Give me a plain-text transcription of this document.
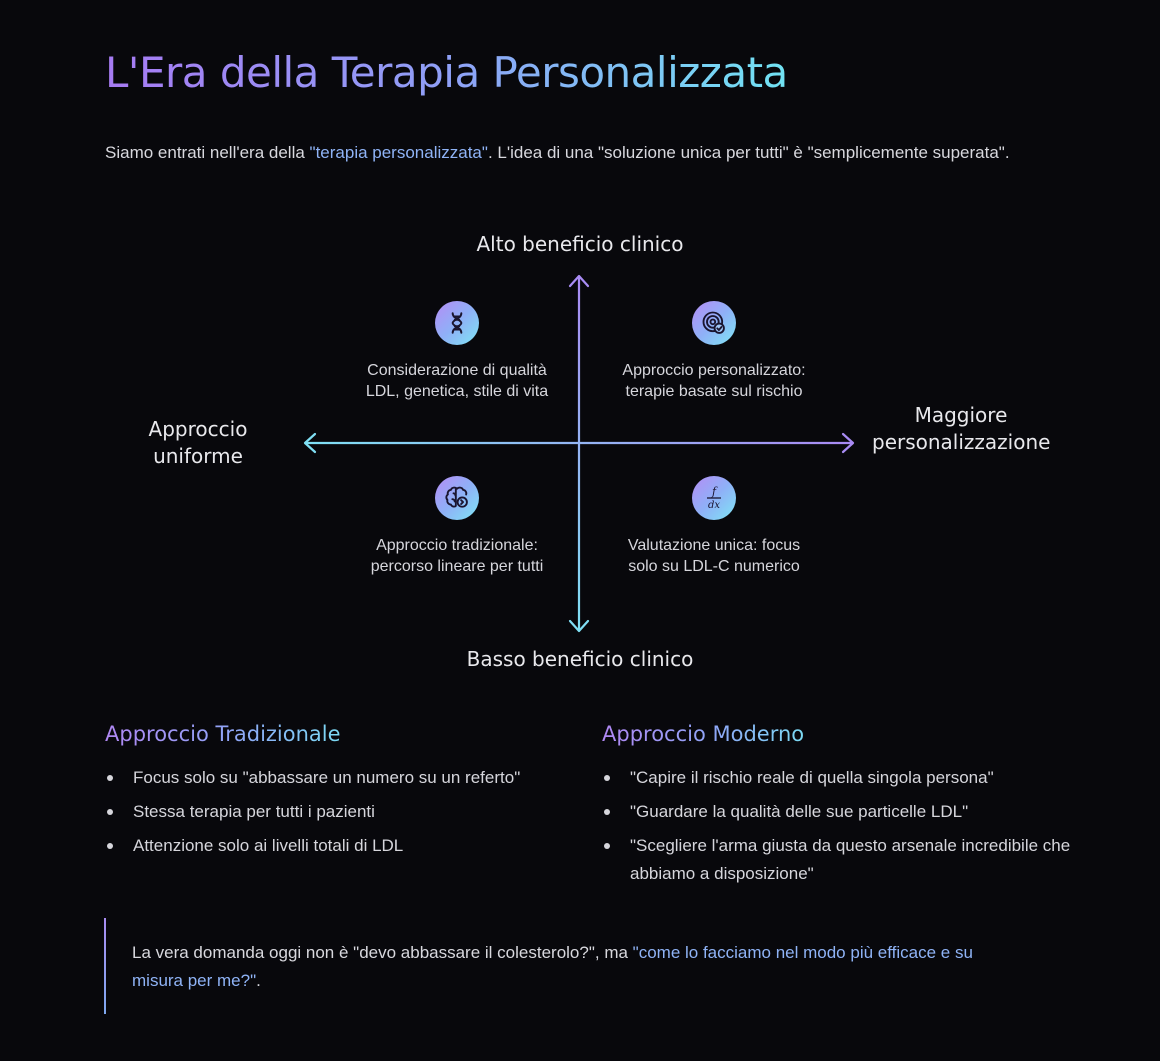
L'Era della Terapia Personalizzata

Siamo entrati nell'era della "terapia personalizzata". L'idea di una "soluzione unica per tutti" è "semplicemente superata".

Alto beneficio clinico
Basso beneficio clinico
Approccio uniforme
Maggiore personalizzazione
Considerazione di qualità LDL, genetica, stile di vita
Approccio personalizzato: terapie basate sul rischio
Approccio tradizionale: percorso lineare per tutti
f
dx
Valutazione unica: focus solo su LDL-C numerico
Approccio Tradizionale
Focus solo su "abbassare un numero su un referto"
Stessa terapia per tutti i pazienti
Attenzione solo ai livelli totali di LDL
Approccio Moderno
"Capire il rischio reale di quella singola persona"
"Guardare la qualità delle sue particelle LDL"
"Scegliere l'arma giusta da questo arsenale incredibile che abbiamo a disposizione"

La vera domanda oggi non è "devo abbassare il colesterolo?", ma "come lo facciamo nel modo più efficace e su misura per me?".
